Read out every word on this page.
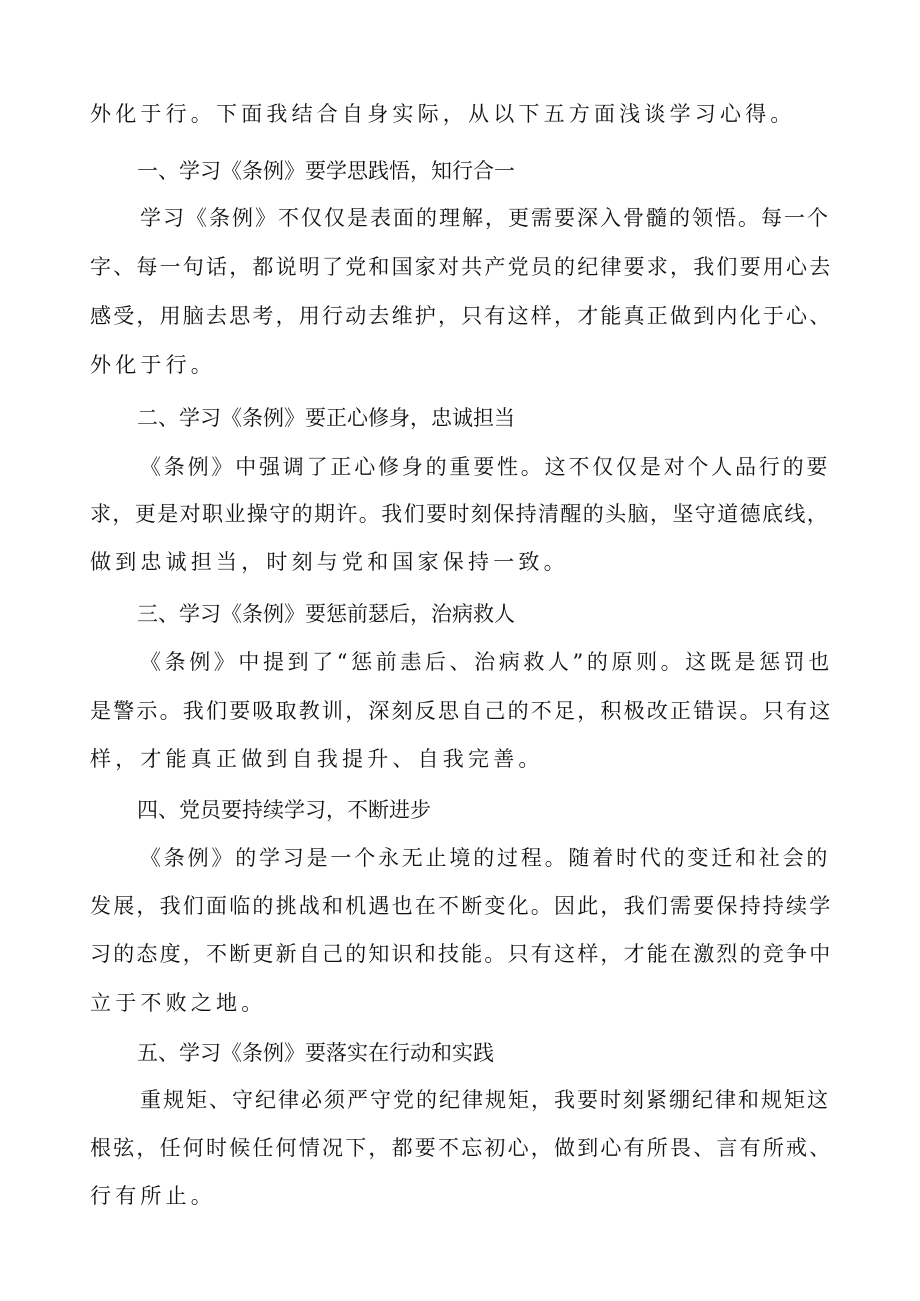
外化于行。下面我结合自身实际，从以下五方面浅谈学习心得。
一、学习《条例》要学思践悟，知行合一
学习《条例》不仅仅是表面的理解，更需要深入骨髓的领悟。每一个
字、每一句话，都说明了党和国家对共产党员的纪律要求，我们要用心去
感受，用脑去思考，用行动去维护，只有这样，才能真正做到内化于心、
外化于行。
二、学习《条例》要正心修身，忠诚担当
《条例》中强调了正心修身的重要性。这不仅仅是对个人品行的要
求，更是对职业操守的期许。我们要时刻保持清醒的头脑，坚守道德底线，
做到忠诚担当，时刻与党和国家保持一致。
三、学习《条例》要惩前瑟后，治病救人
《条例》中提到了“惩前恚后、治病救人”的原则。这既是惩罚也
是警示。我们要吸取教训，深刻反思自己的不足，积极改正错误。只有这
样，才能真正做到自我提升、自我完善。
四、党员要持续学习，不断进步
《条例》的学习是一个永无止境的过程。随着时代的变迁和社会的
发展，我们面临的挑战和机遇也在不断变化。因此，我们需要保持持续学
习的态度，不断更新自己的知识和技能。只有这样，才能在激烈的竞争中
立于不败之地。
五、学习《条例》要落实在行动和实践
重规矩、守纪律必须严守党的纪律规矩，我要时刻紧绷纪律和规矩这
根弦，任何时候任何情况下，都要不忘初心，做到心有所畏、言有所戒、
行有所止。
